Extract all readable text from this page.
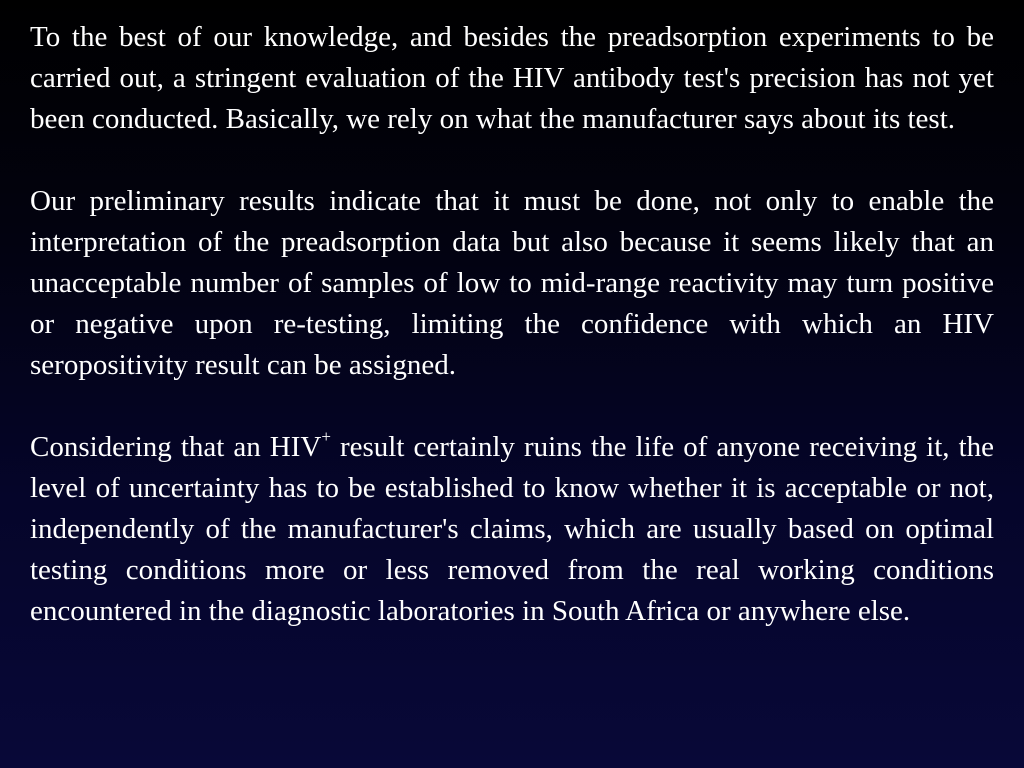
To the best of our knowledge, and besides the preadsorption experiments to be carried out, a stringent evaluation of the HIV antibody test's precision has not yet been conducted. Basically, we rely on what the manufacturer says about its test.

Our preliminary results indicate that it must be done, not only to enable the interpretation of the preadsorption data but also because it seems likely that an unacceptable number of samples of low to mid-range reactivity may turn positive or negative upon re-testing, limiting the confidence with which an HIV seropositivity result can be assigned.

Considering that an HIV+ result certainly ruins the life of anyone receiving it, the level of uncertainty has to be established to know whether it is acceptable or not, independently of the manufacturer's claims, which are usually based on optimal testing conditions more or less removed from the real working conditions encountered in the diagnostic laboratories in South Africa or anywhere else.
